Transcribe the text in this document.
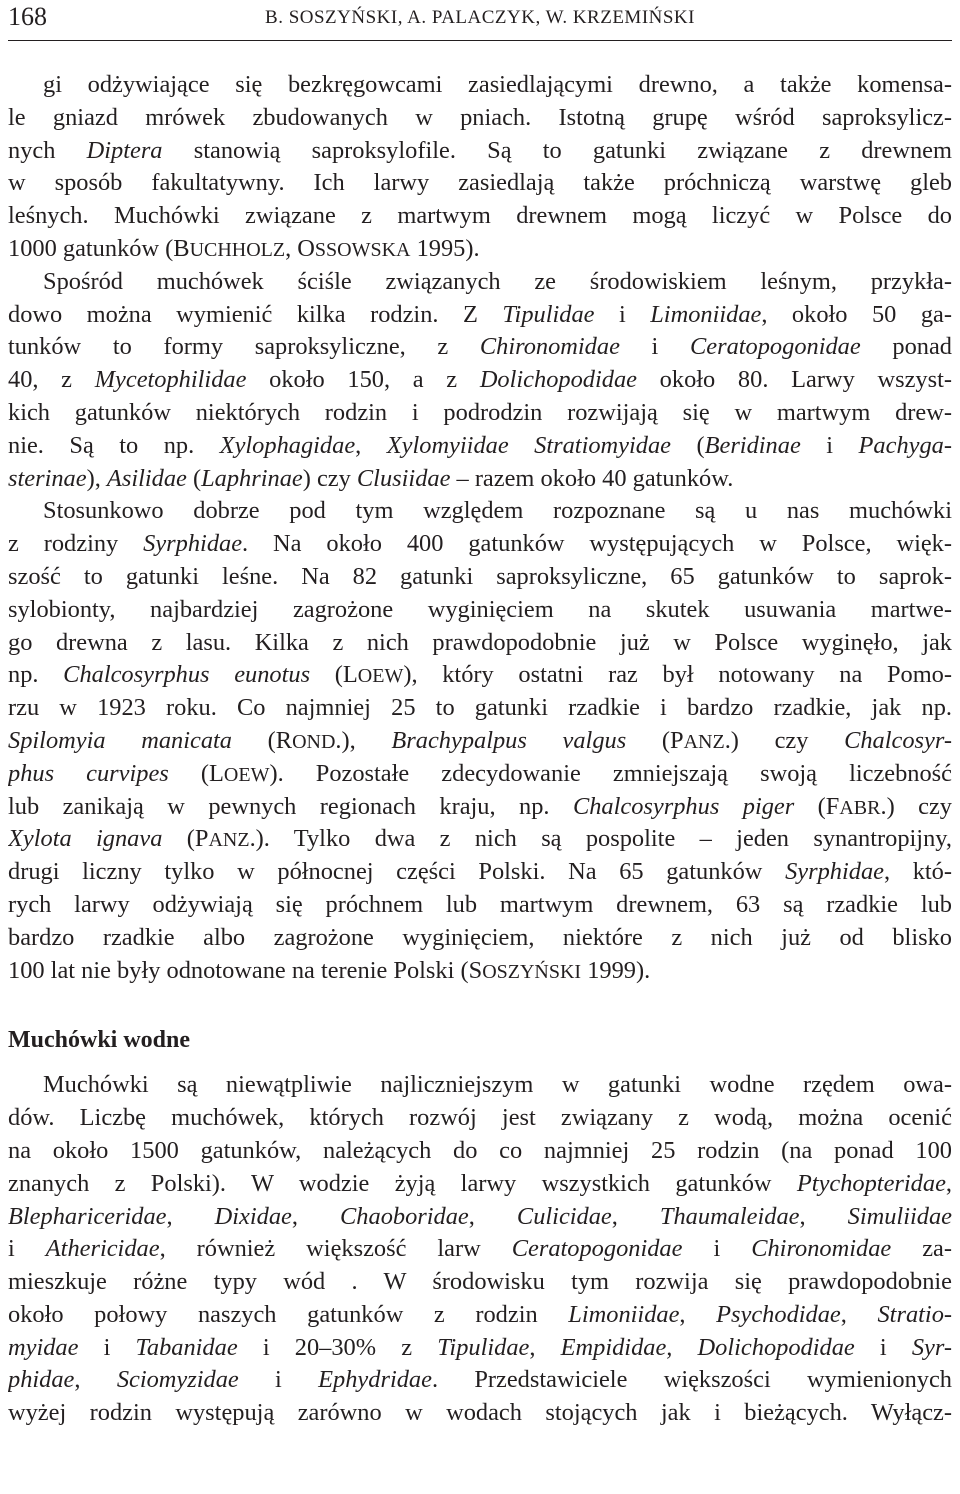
168	B. SOSZYŃSKI, A. PALACZYK, W. KRZEMIŃSKI
gi odżywiające się bezkręgowcami zasiedlającymi drewno, a także komensa-
le gniazd mrówek zbudowanych w pniach. Istotną grupę wśród saproksylicz-
nych Diptera stanowią saproksylofile. Są to gatunki związane z drewnem
w sposób fakultatywny. Ich larwy zasiedlają także próchniczą warstwę gleb
leśnych. Muchówki związane z martwym drewnem mogą liczyć w Polsce do
1000 gatunków (BUCHHOLZ, OSSOWSKA 1995).
Spośród muchówek ściśle związanych ze środowiskiem leśnym, przykła-
dowo można wymienić kilka rodzin. Z Tipulidae i Limoniidae, około 50 ga-
tunków to formy saproksyliczne, z Chironomidae i Ceratopogonidae ponad
40, z Mycetophilidae około 150, a z Dolichopodidae około 80. Larwy wszyst-
kich gatunków niektórych rodzin i podrodzin rozwijają się w martwym drew-
nie. Są to np. Xylophagidae, Xylomyiidae Stratiomyidae (Beridinae i Pachyga-
sterinae), Asilidae (Laphrinae) czy Clusiidae – razem około 40 gatunków.
Stosunkowo dobrze pod tym względem rozpoznane są u nas muchówki
z rodziny Syrphidae. Na około 400 gatunków występujących w Polsce, więk-
szość to gatunki leśne. Na 82 gatunki saproksyliczne, 65 gatunków to saprok-
sylobionty, najbardziej zagrożone wyginięciem na skutek usuwania martwe-
go drewna z lasu. Kilka z nich prawdopodobnie już w Polsce wyginęło, jak
np. Chalcosyrphus eunotus (LOEW), który ostatni raz był notowany na Pomo-
rzu w 1923 roku. Co najmniej 25 to gatunki rzadkie i bardzo rzadkie, jak np.
Spilomyia manicata (ROND.), Brachypalpus valgus (PANZ.) czy Chalcosyr-
phus curvipes (LOEW). Pozostałe zdecydowanie zmniejszają swoją liczebność
lub zanikają w pewnych regionach kraju, np. Chalcosyrphus piger (FABR.) czy
Xylota ignava (PANZ.). Tylko dwa z nich są pospolite – jeden synantropijny,
drugi liczny tylko w północnej części Polski. Na 65 gatunków Syrphidae, któ-
rych larwy odżywiają się próchnem lub martwym drewnem, 63 są rzadkie lub
bardzo rzadkie albo zagrożone wyginięciem, niektóre z nich już od blisko
100 lat nie były odnotowane na terenie Polski (SOSZYŃSKI 1999).
Muchówki wodne
Muchówki są niewątpliwie najliczniejszym w gatunki wodne rzędem owa-
dów. Liczbę muchówek, których rozwój jest związany z wodą, można ocenić
na około 1500 gatunków, należących do co najmniej 25 rodzin (na ponad 100
znanych z Polski). W wodzie żyją larwy wszystkich gatunków Ptychopteridae,
Blephariceridae, Dixidae, Chaoboridae, Culicidae, Thaumaleidae, Simuliidae
i Athericidae, również większość larw Ceratopogonidae i Chironomidae za-
mieszkuje różne typy wód . W środowisku tym rozwija się prawdopodobnie
około połowy naszych gatunków z rodzin Limoniidae, Psychodidae, Stratio-
myidae i Tabanidae i 20–30% z Tipulidae, Empididae, Dolichopodidae i Syr-
phidae, Sciomyzidae i Ephydridae. Przedstawiciele większości wymienionych
wyżej rodzin występują zarówno w wodach stojących jak i bieżących. Wyłącz-
